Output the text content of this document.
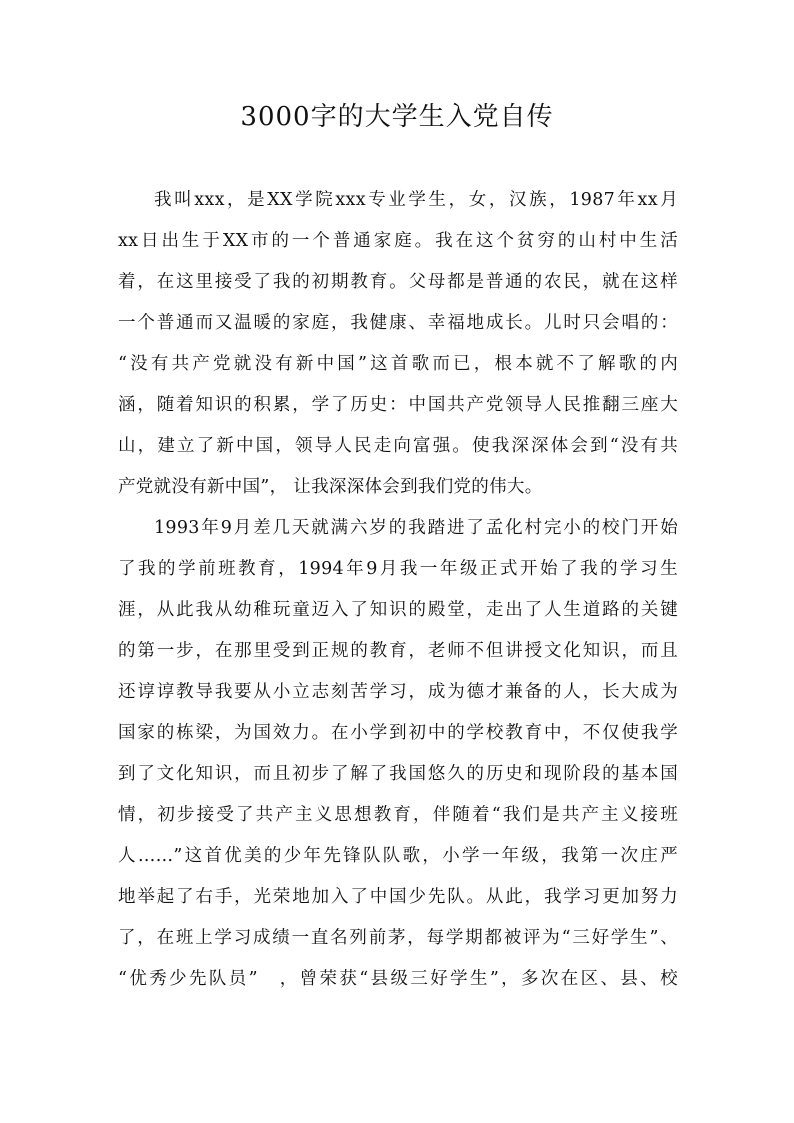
3000字的大学生入党自传
我叫xxx，是XX学院xxx专业学生，女，汉族，1987年xx月
xx日出生于XX市的一个普通家庭。我在这个贫穷的山村中生活
着，在这里接受了我的初期教育。父母都是普通的农民，就在这样
一个普通而又温暖的家庭，我健康、幸福地成长。儿时只会唱的：
“没有共产党就没有新中国”这首歌而已，根本就不了解歌的内
涵，随着知识的积累，学了历史：中国共产党领导人民推翻三座大
山，建立了新中国，领导人民走向富强。使我深深体会到“没有共
产党就没有新中国”， 让我深深体会到我们党的伟大。
1993年9月差几天就满六岁的我踏进了孟化村完小的校门开始
了我的学前班教育，1994年9月我一年级正式开始了我的学习生
涯，从此我从幼稚玩童迈入了知识的殿堂，走出了人生道路的关键
的第一步，在那里受到正规的教育，老师不但讲授文化知识，而且
还谆谆教导我要从小立志刻苦学习，成为德才兼备的人，长大成为
国家的栋梁，为国效力。在小学到初中的学校教育中，不仅使我学
到了文化知识，而且初步了解了我国悠久的历史和现阶段的基本国
情，初步接受了共产主义思想教育，伴随着“我们是共产主义接班
人……”这首优美的少年先锋队队歌，小学一年级，我第一次庄严
地举起了右手，光荣地加入了中国少先队。从此，我学习更加努力
了，在班上学习成绩一直名列前茅，每学期都被评为“三好学生”、
“优秀少先队员”　，曾荣获“县级三好学生”，多次在区、县、校
